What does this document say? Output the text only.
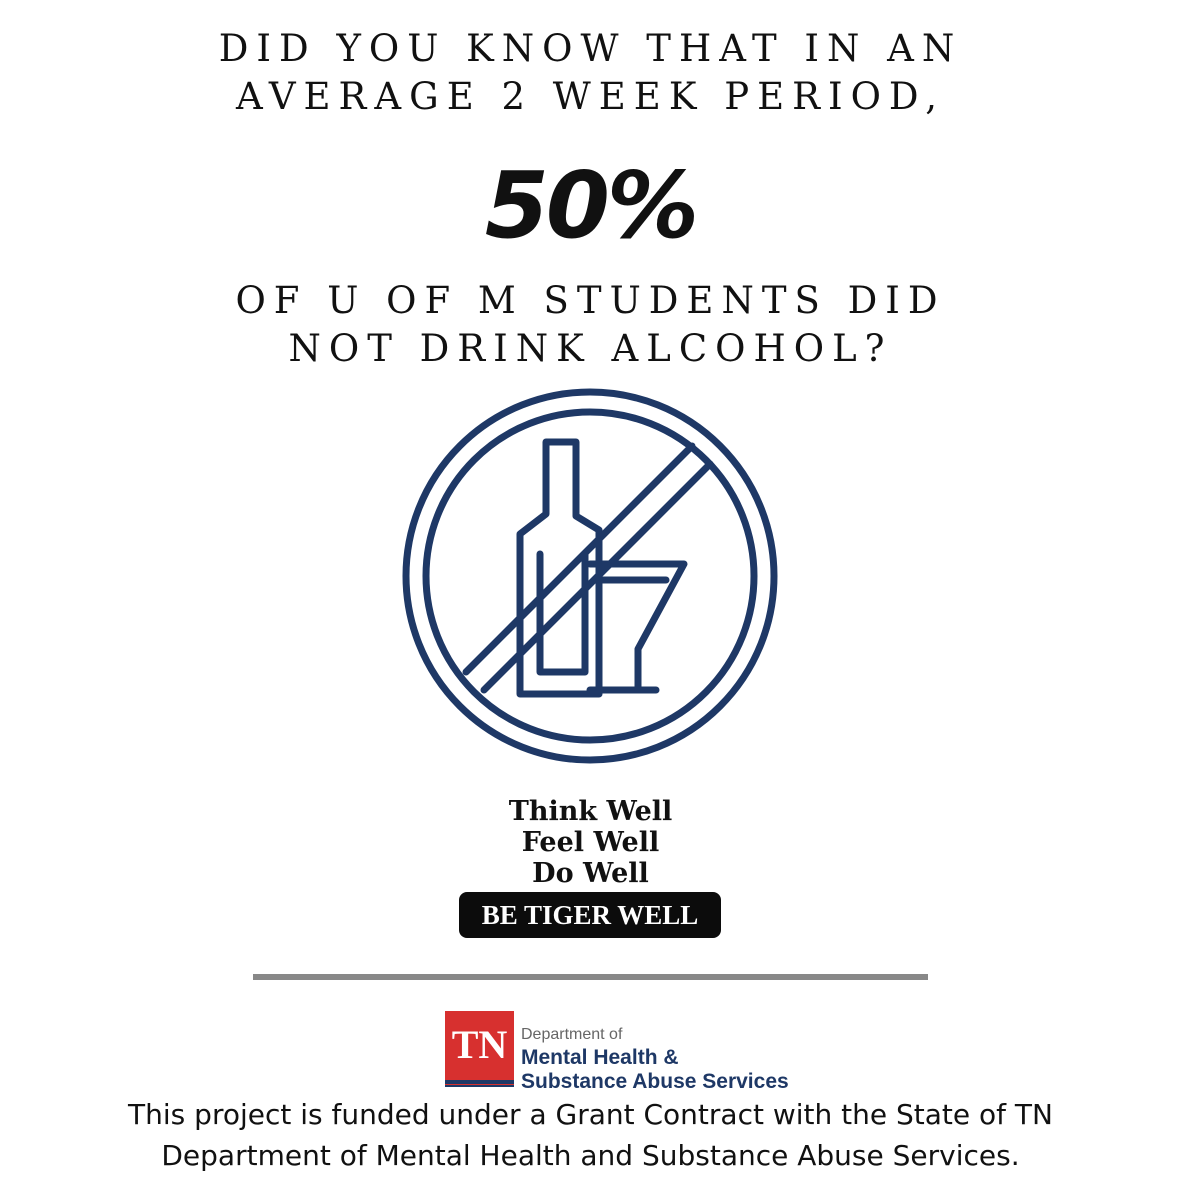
DID YOU KNOW THAT IN AN
AVERAGE 2 WEEK PERIOD,
50%
OF U OF M STUDENTS DID
NOT DRINK ALCOHOL?
Think Well
Feel Well
Do Well
BE TIGER WELL
TN Department of
Mental Health &
Substance Abuse Services
This project is funded under a Grant Contract with the State of TN
Department of Mental Health and Substance Abuse Services.
